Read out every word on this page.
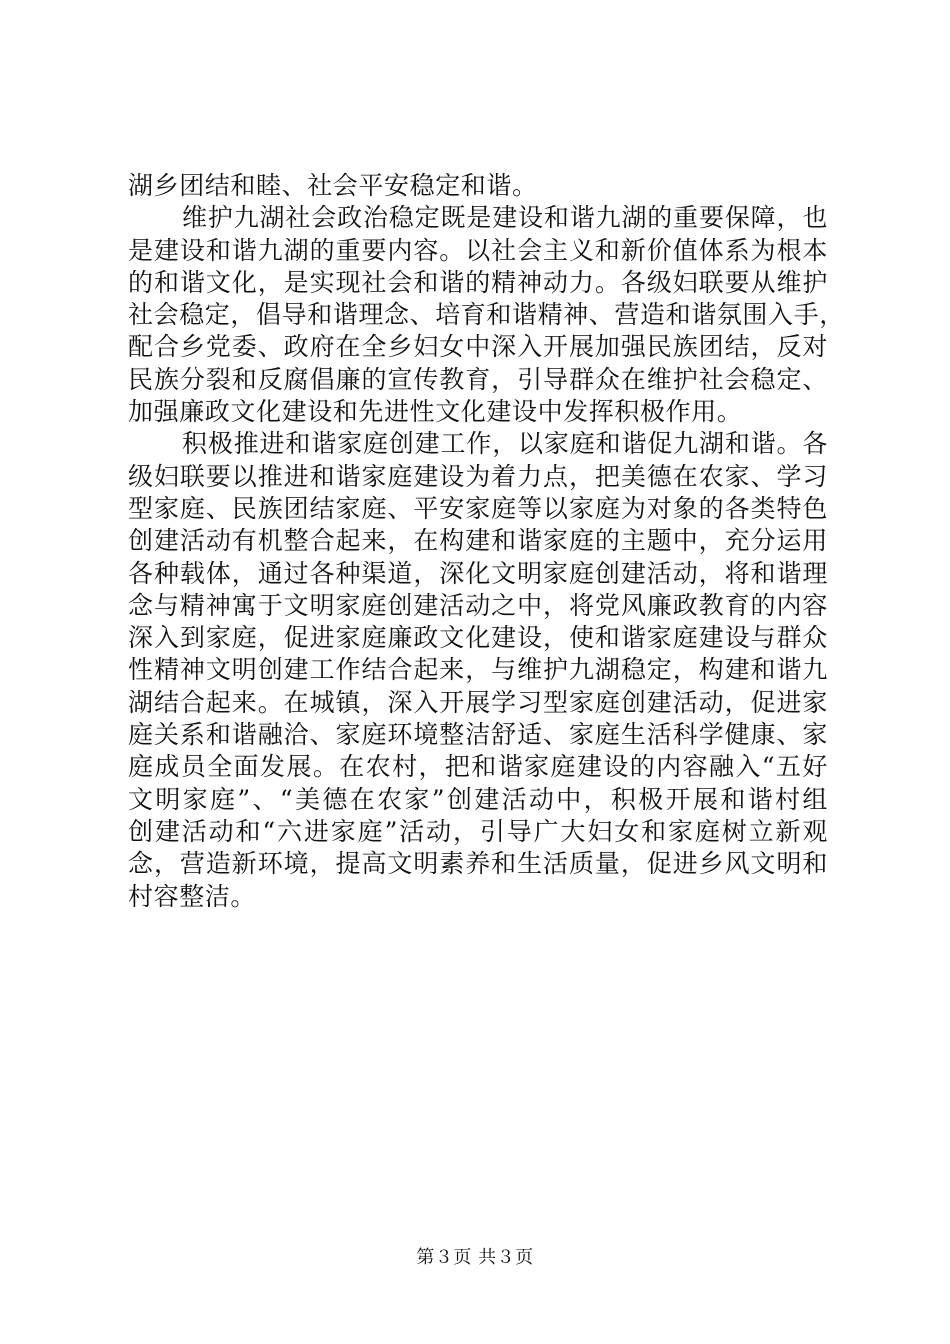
湖乡团结和睦、社会平安稳定和谐。
维护九湖社会政治稳定既是建设和谐九湖的重要保障，也
是建设和谐九湖的重要内容。以社会主义和新价值体系为根本
的和谐文化，是实现社会和谐的精神动力。各级妇联要从维护
社会稳定，倡导和谐理念、培育和谐精神、营造和谐氛围入手，
配合乡党委、政府在全乡妇女中深入开展加强民族团结，反对
民族分裂和反腐倡廉的宣传教育，引导群众在维护社会稳定、
加强廉政文化建设和先进性文化建设中发挥积极作用。
积极推进和谐家庭创建工作，以家庭和谐促九湖和谐。各
级妇联要以推进和谐家庭建设为着力点，把美德在农家、学习
型家庭、民族团结家庭、平安家庭等以家庭为对象的各类特色
创建活动有机整合起来，在构建和谐家庭的主题中，充分运用
各种载体，通过各种渠道，深化文明家庭创建活动，将和谐理
念与精神寓于文明家庭创建活动之中，将党风廉政教育的内容
深入到家庭，促进家庭廉政文化建设，使和谐家庭建设与群众
性精神文明创建工作结合起来，与维护九湖稳定，构建和谐九
湖结合起来。在城镇，深入开展学习型家庭创建活动，促进家
庭关系和谐融洽、家庭环境整洁舒适、家庭生活科学健康、家
庭成员全面发展。在农村，把和谐家庭建设的内容融入“五好
文明家庭”、“美德在农家”创建活动中，积极开展和谐村组
创建活动和“六进家庭”活动，引导广大妇女和家庭树立新观
念，营造新环境，提高文明素养和生活质量，促进乡风文明和
村容整洁。
第３页 共３页
